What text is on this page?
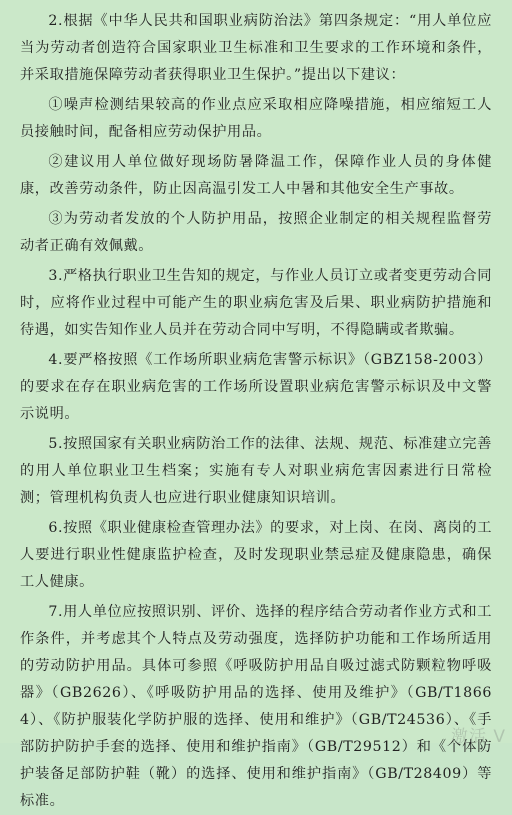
2.根据《中华人民共和国职业病防治法》第四条规定：“用人单位应当为劳动者创造符合国家职业卫生标准和卫生要求的工作环境和条件，并采取措施保障劳动者获得职业卫生保护。”提出以下建议：

①噪声检测结果较高的作业点应采取相应降噪措施，相应缩短工人员接触时间，配备相应劳动保护用品。

②建议用人单位做好现场防暑降温工作，保障作业人员的身体健康，改善劳动条件，防止因高温引发工人中暑和其他安全生产事故。

③为劳动者发放的个人防护用品，按照企业制定的相关规程监督劳动者正确有效佩戴。

3.严格执行职业卫生告知的规定，与作业人员订立或者变更劳动合同时，应将作业过程中可能产生的职业病危害及后果、职业病防护措施和待遇，如实告知作业人员并在劳动合同中写明，不得隐瞒或者欺骗。

4.要严格按照《工作场所职业病危害警示标识》（GBZ158-2003）的要求在存在职业病危害的工作场所设置职业病危害警示标识及中文警示说明。

5.按照国家有关职业病防治工作的法律、法规、规范、标准建立完善的用人单位职业卫生档案；实施有专人对职业病危害因素进行日常检测；管理机构负责人也应进行职业健康知识培训。

6.按照《职业健康检查管理办法》的要求，对上岗、在岗、离岗的工人要进行职业性健康监护检查，及时发现职业禁忌症及健康隐患，确保工人健康。

7.用人单位应按照识别、评价、选择的程序结合劳动者作业方式和工作条件，并考虑其个人特点及劳动强度，选择防护功能和工作场所适用的劳动防护用品。具体可参照《呼吸防护用品自吸过滤式防颗粒物呼吸器》（GB2626）、《呼吸防护用品的选择、使用及维护》（GB/T18664）、《防护服装化学防护服的选择、使用和维护》（GB/T24536）、《手部防护防护手套的选择、使用和维护指南》（GB/T29512）和《个体防护装备足部防护鞋（靴）的选择、使用和维护指南》（GB/T28409）等标准。

激活 V
